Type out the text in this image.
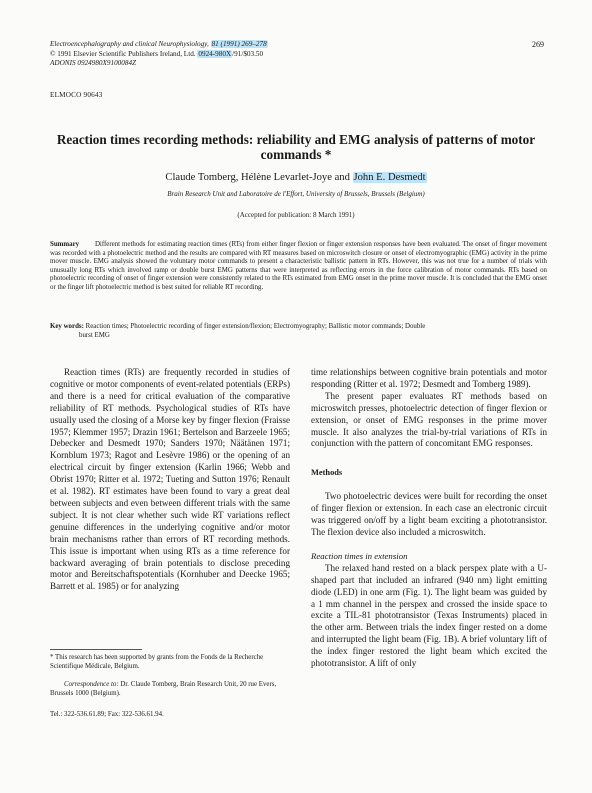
Electroencephalography and clinical Neurophysiology, 81 (1991) 269–278
© 1991 Elsevier Scientific Publishers Ireland, Ltd. 0924-980X/91/$03.50
ADONIS 0924980X9100084Z
269
ELMOCO 90643
Reaction times recording methods: reliability and EMG analysis of patterns of motor commands *
Claude Tomberg, Hélène Levarlet-Joye and John E. Desmedt
Brain Research Unit and Laboratoire de l'Effort, University of Brussels, Brussels (Belgium)
(Accepted for publication: 8 March 1991)
Summary Different methods for estimating reaction times (RTs) from either finger flexion or finger extension responses have been evaluated. The onset of finger movement was recorded with a photoelectric method and the results are compared with RT measures based on microswitch closure or onset of electromyographic (EMG) activity in the prime mover muscle. EMG analysis showed the voluntary motor commands to present a characteristic ballistic pattern in RTs. However, this was not true for a number of trials with unusually long RTs which involved ramp or double burst EMG patterns that were interpreted as reflecting errors in the force calibration of motor commands. RTs based on photoelectric recording of onset of finger extension were consistently related to the RTs estimated from EMG onset in the prime mover muscle. It is concluded that the EMG onset or the finger lift photoelectric method is best suited for reliable RT recording.
Key words: Reaction times; Photoelectric recording of finger extension/flexion; Electromyography; Ballistic motor commands; Double
burst EMG

Reaction times (RTs) are frequently recorded in studies of cognitive or motor components of event-related potentials (ERPs) and there is a need for critical evaluation of the comparative reliability of RT methods. Psychological studies of RTs have usually used the closing of a Morse key by finger flexion (Fraisse 1957; Klemmer 1957; Drazin 1961; Bertelson and Barzeele 1965; Debecker and Desmedt 1970; Sanders 1970; Näätänen 1971; Kornblum 1973; Ragot and Lesèvre 1986) or the opening of an electrical circuit by finger extension (Karlin 1966; Webb and Obrist 1970; Ritter et al. 1972; Tueting and Sutton 1976; Renault et al. 1982). RT estimates have been found to vary a great deal between subjects and even between different trials with the same subject. It is not clear whether such wide RT variations reflect genuine differences in the underlying cognitive and/or motor brain mechanisms rather than errors of RT recording methods. This issue is important when using RTs as a time reference for backward averaging of brain potentials to disclose preceding motor and Bereitschaftspotentials (Kornhuber and Deecke 1965; Barrett et al. 1985) or for analyzing

* This research has been supported by grants from the Fonds de la Recherche Scientifique Médicale, Belgium.
Correspondence to: Dr. Claude Tomberg, Brain Research Unit, 20 rue Evers, Brussels 1000 (Belgium).
Tel.: 322-536.61.89; Fax: 322-536.61.94.

time relationships between cognitive brain potentials and motor responding (Ritter et al. 1972; Desmedt and Tomberg 1989).

The present paper evaluates RT methods based on microswitch presses, photoelectric detection of finger flexion or extension, or onset of EMG responses in the prime mover muscle. It also analyzes the trial-by-trial variations of RTs in conjunction with the pattern of concomitant EMG responses.

Methods

Two photoelectric devices were built for recording the onset of finger flexion or extension. In each case an electronic circuit was triggered on/off by a light beam exciting a phototransistor. The flexion device also included a microswitch.

Reaction times in extension

The relaxed hand rested on a black perspex plate with a U-shaped part that included an infrared (940 nm) light emitting diode (LED) in one arm (Fig. 1). The light beam was guided by a 1 mm channel in the perspex and crossed the inside space to excite a TIL-81 phototransistor (Texas Instruments) placed in the other arm. Between trials the index finger rested on a dome and interrupted the light beam (Fig. 1B). A brief voluntary lift of the index finger restored the light beam which excited the phototransistor. A lift of only
